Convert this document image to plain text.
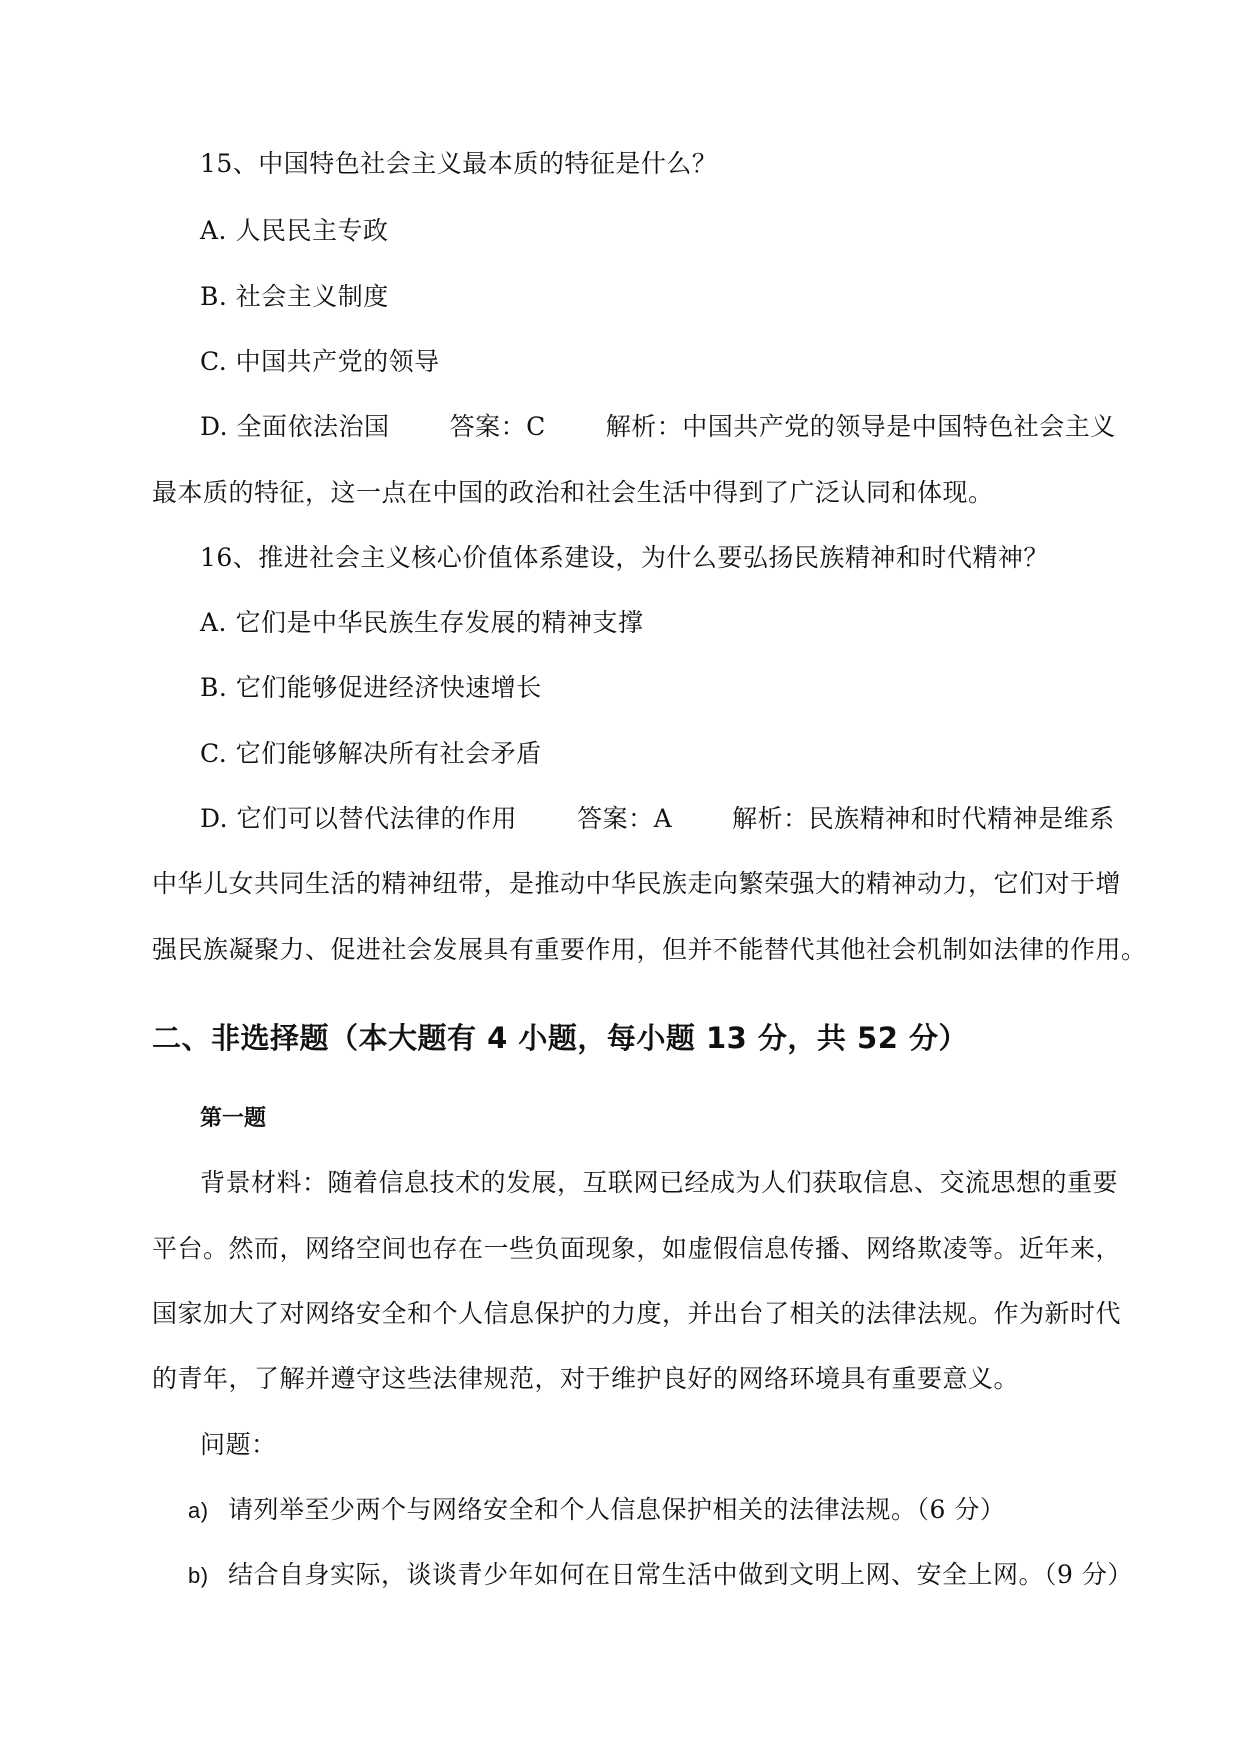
15、中国特色社会主义最本质的特征是什么？
A. 人民民主专政
B. 社会主义制度
C. 中国共产党的领导
D. 全面依法治国 答案：C 解析：中国共产党的领导是中国特色社会主义
最本质的特征，这一点在中国的政治和社会生活中得到了广泛认同和体现。
16、推进社会主义核心价值体系建设，为什么要弘扬民族精神和时代精神？
A. 它们是中华民族生存发展的精神支撑
B. 它们能够促进经济快速增长
C. 它们能够解决所有社会矛盾
D. 它们可以替代法律的作用 答案：A 解析：民族精神和时代精神是维系
中华儿女共同生活的精神纽带，是推动中华民族走向繁荣强大的精神动力，它们对于增
强民族凝聚力、促进社会发展具有重要作用，但并不能替代其他社会机制如法律的作用。
二、非选择题（本大题有 4 小题，每小题 13 分，共 52 分）
第一题
背景材料：随着信息技术的发展，互联网已经成为人们获取信息、交流思想的重要
平台。然而，网络空间也存在一些负面现象，如虚假信息传播、网络欺凌等。近年来，
国家加大了对网络安全和个人信息保护的力度，并出台了相关的法律法规。作为新时代
的青年，了解并遵守这些法律规范，对于维护良好的网络环境具有重要意义。
问题：
a) 请列举至少两个与网络安全和个人信息保护相关的法律法规。（6 分）
b) 结合自身实际，谈谈青少年如何在日常生活中做到文明上网、安全上网。（9 分）
